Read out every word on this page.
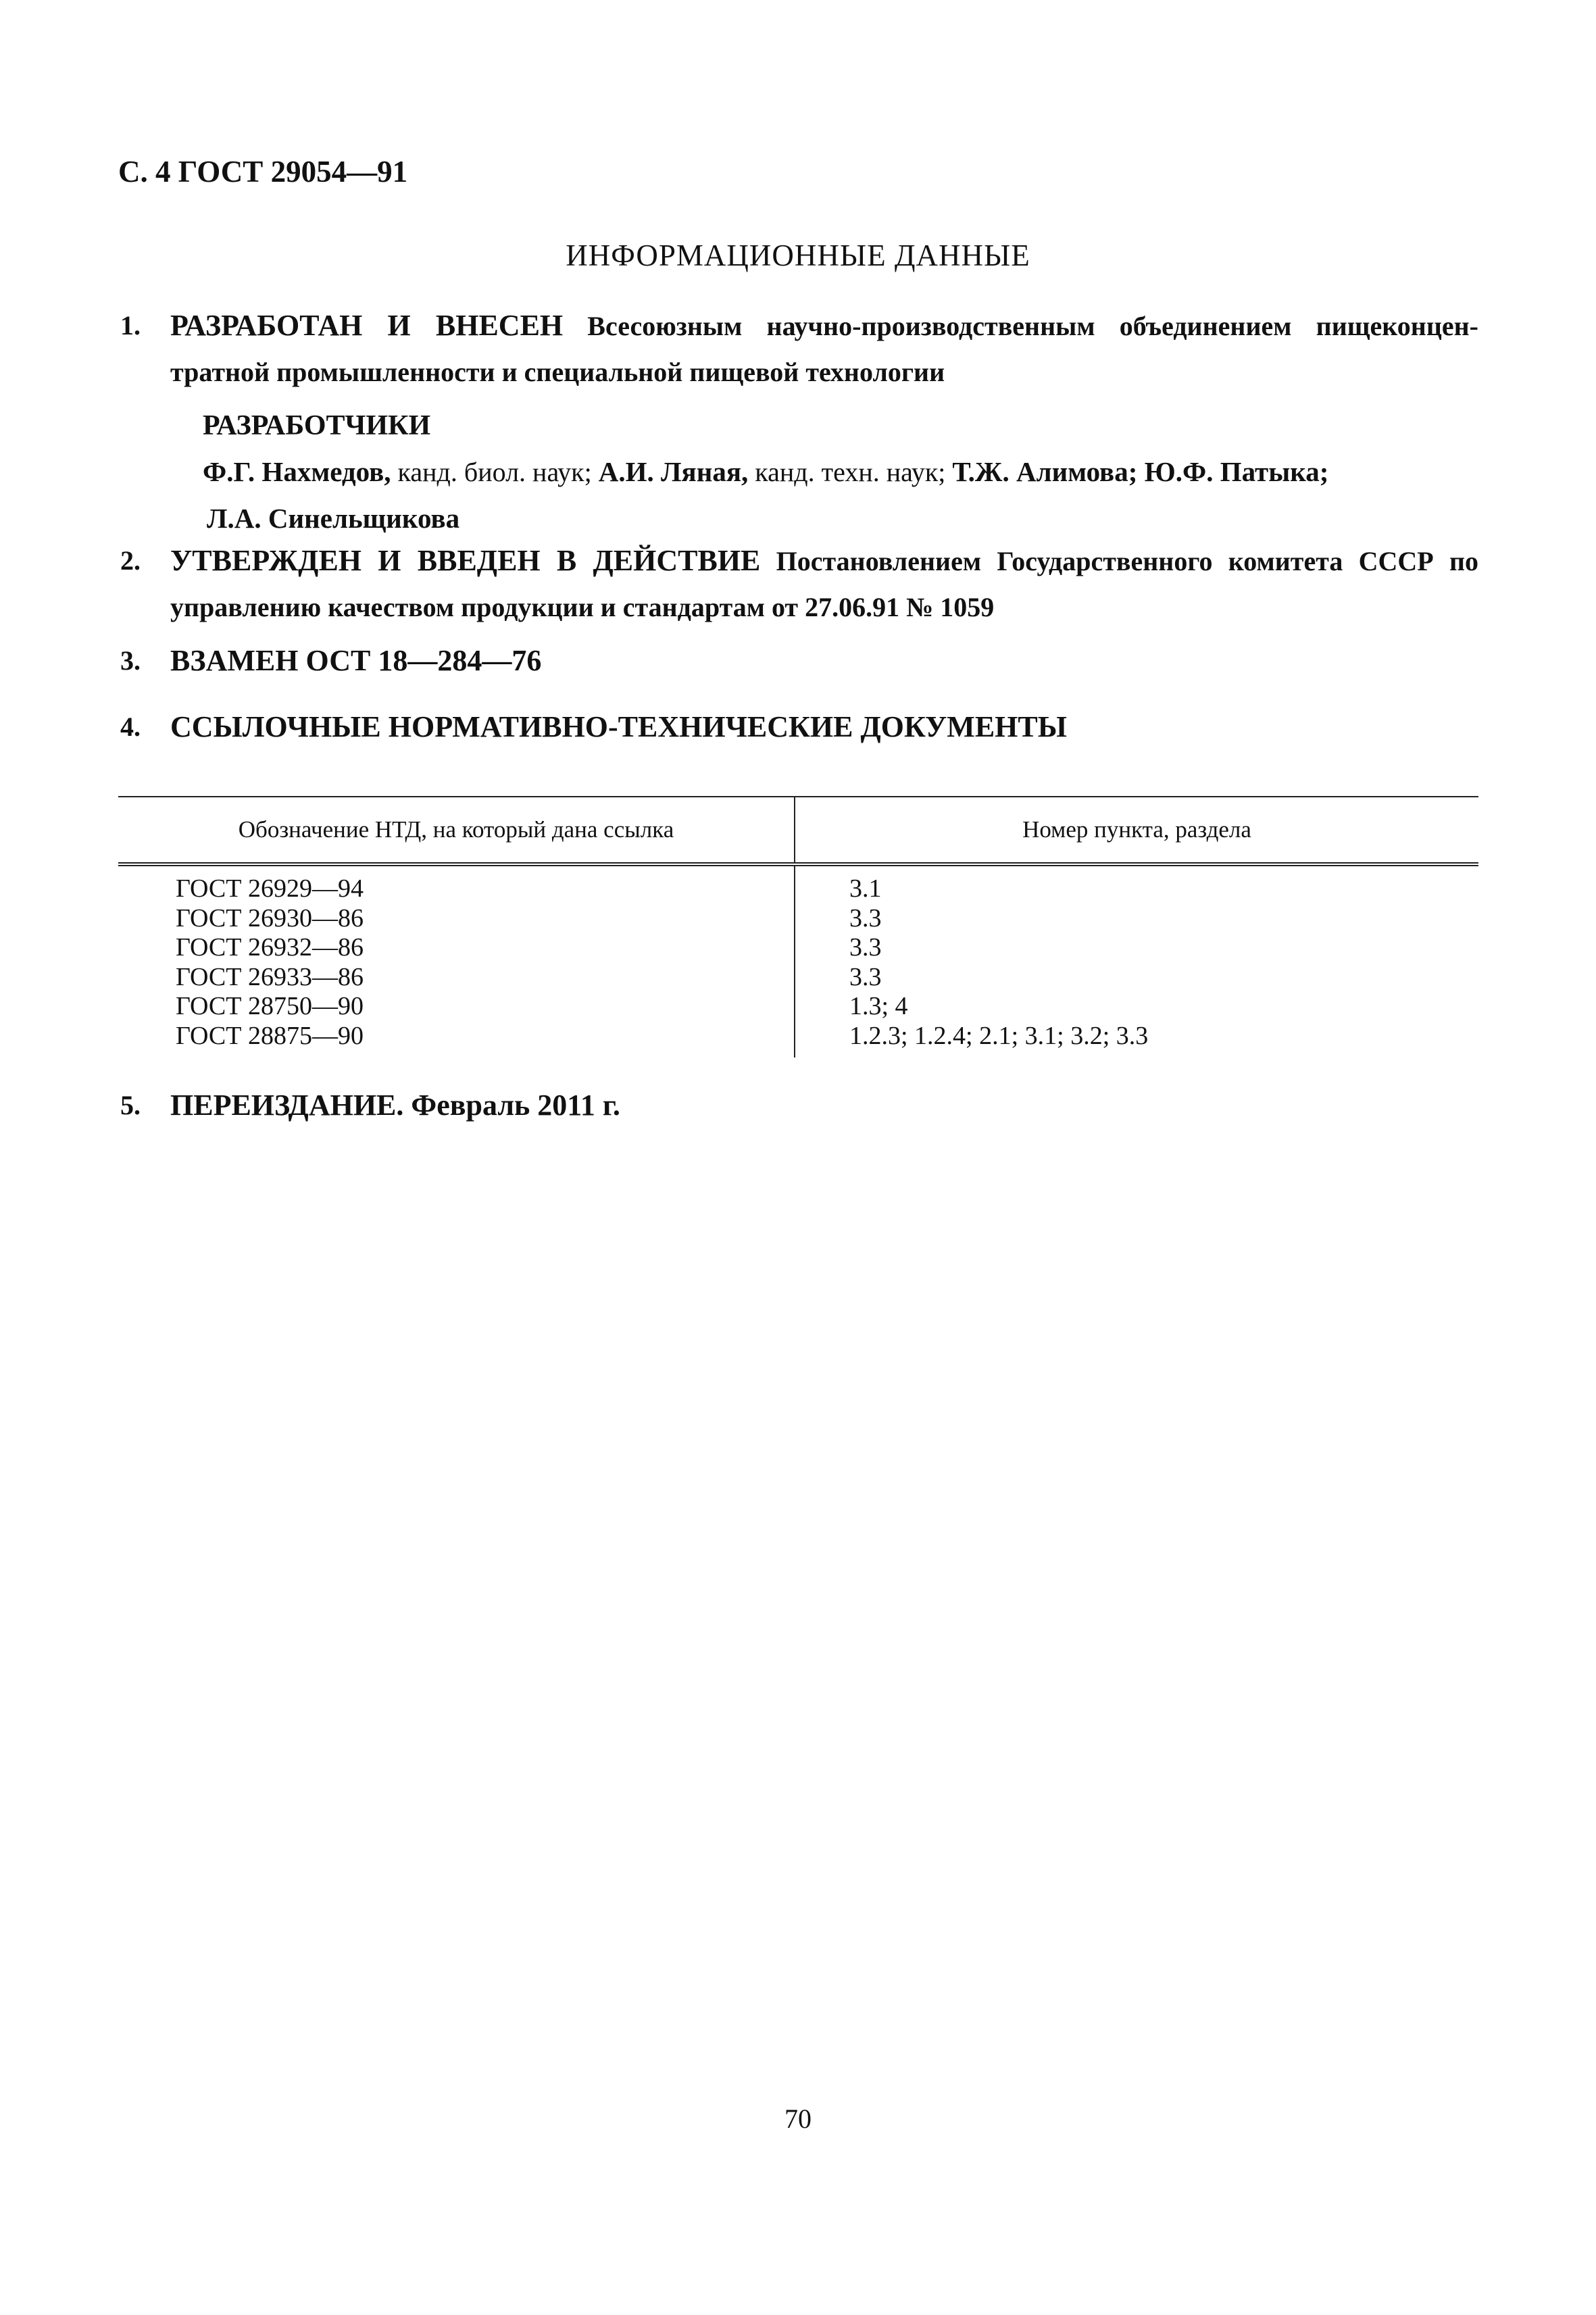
С. 4 ГОСТ 29054—91
ИНФОРМАЦИОННЫЕ ДАННЫЕ
1. РАЗРАБОТАН И ВНЕСЕН Всесоюзным научно-производственным объединением пищеконцен-
тратной промышленности и специальной пищевой технологии
РАЗРАБОТЧИКИ
Ф.Г. Нахмедов, канд. биол. наук; А.И. Ляная, канд. техн. наук; Т.Ж. Алимова; Ю.Ф. Патыка;
Л.А. Синельщикова
2. УТВЕРЖДЕН И ВВЕДЕН В ДЕЙСТВИЕ Постановлением Государственного комитета СССР по
управлению качеством продукции и стандартам от 27.06.91 № 1059
3. ВЗАМЕН ОСТ 18—284—76
4. ССЫЛОЧНЫЕ НОРМАТИВНО-ТЕХНИЧЕСКИЕ ДОКУМЕНТЫ
Обозначение НТД, на который дана ссылка	Номер пункта, раздела
ГОСТ 26929—94	3.1
ГОСТ 26930—86	3.3
ГОСТ 26932—86	3.3
ГОСТ 26933—86	3.3
ГОСТ 28750—90	1.3; 4
ГОСТ 28875—90	1.2.3; 1.2.4; 2.1; 3.1; 3.2; 3.3
5. ПЕРЕИЗДАНИЕ. Февраль 2011 г.
70
